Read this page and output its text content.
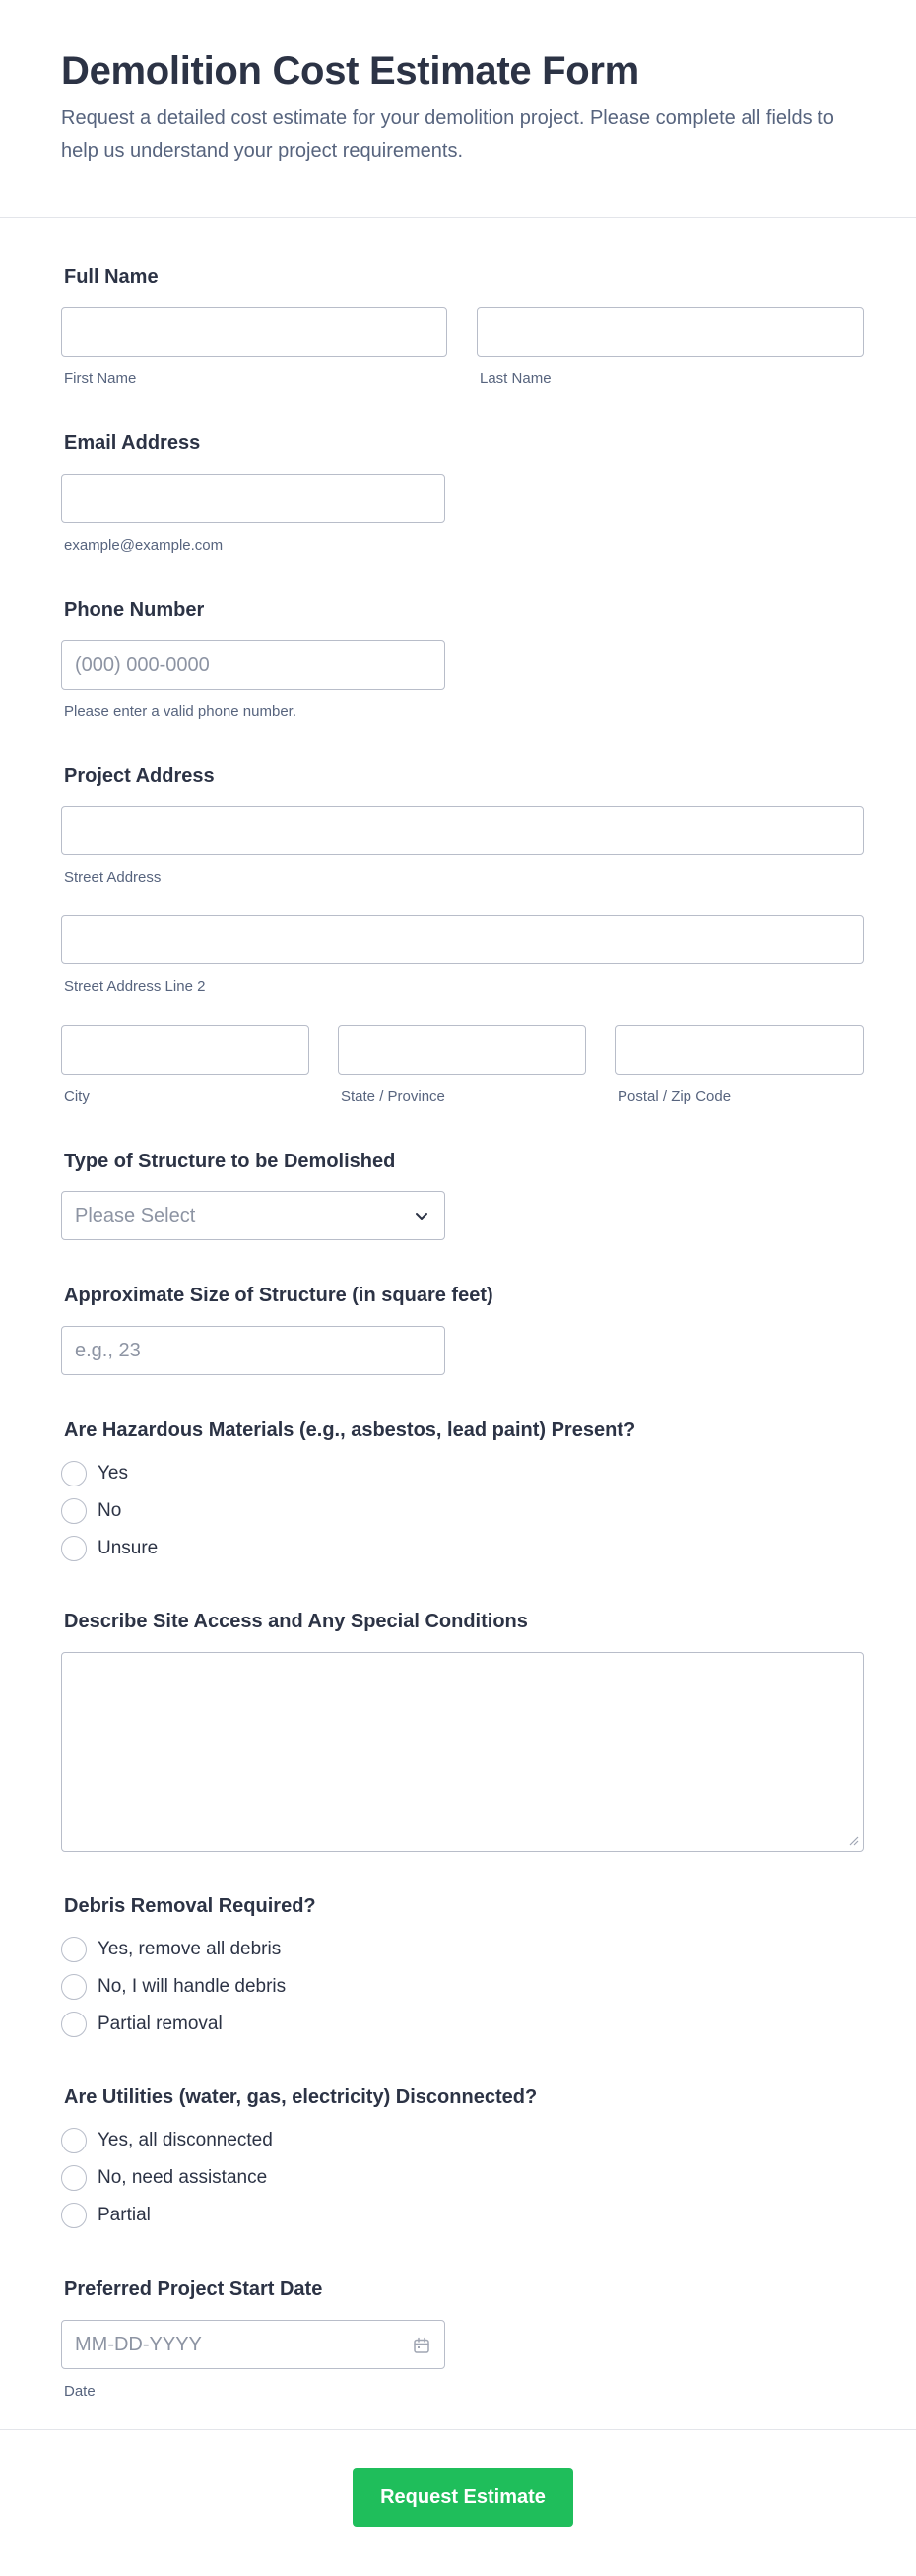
Demolition Cost Estimate Form

Request a detailed cost estimate for your demolition project. Please complete all fields to help us understand your project requirements.

Full Name
First Name	Last Name
Email Address
example@example.com
Phone Number
(000) 000-0000
Please enter a valid phone number.
Project Address
Street Address
Street Address Line 2
City	State / Province	Postal / Zip Code
Type of Structure to be Demolished
Please Select
Approximate Size of Structure (in square feet)
e.g., 23
Are Hazardous Materials (e.g., asbestos, lead paint) Present?
Yes
No
Unsure
Describe Site Access and Any Special Conditions
Debris Removal Required?
Yes, remove all debris
No, I will handle debris
Partial removal
Are Utilities (water, gas, electricity) Disconnected?
Yes, all disconnected
No, need assistance
Partial
Preferred Project Start Date
MM-DD-YYYY
Date
Request Estimate
